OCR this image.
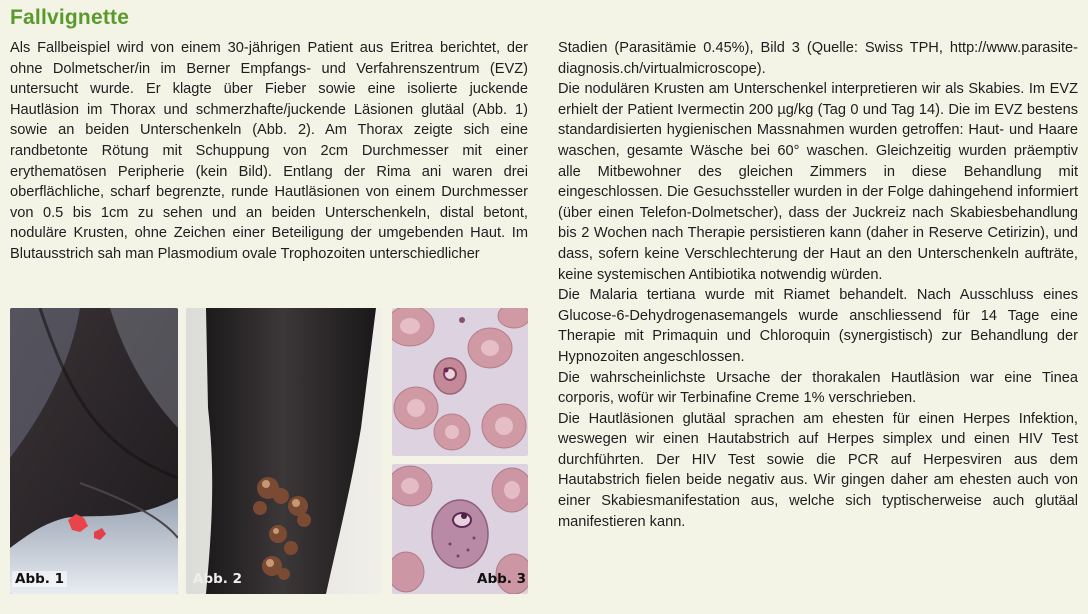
Fallvignette

Als Fallbeispiel wird von einem 30-jährigen Patient aus Eritrea berichtet, der ohne Dolmetscher/in im Berner Empfangs- und Verfahrenszentrum (EVZ) untersucht wurde. Er klagte über Fieber sowie eine isolierte juckende Hautläsion im Thorax und schmerzhafte/juckende Läsionen glutäal (Abb. 1) sowie an beiden Unterschenkeln (Abb. 2). Am Thorax zeigte sich eine randbetonte Rötung mit Schuppung von 2cm Durchmesser mit einer erythematösen Peripherie (kein Bild). Entlang der Rima ani waren drei oberflächliche, scharf begrenzte, runde Hautläsionen von einem Durchmesser von 0.5 bis 1cm zu sehen und an beiden Unterschenkeln, distal betont, noduläre Krusten, ohne Zeichen einer Beteiligung der umgebenden Haut. Im Blutausstrich sah man Plasmodium ovale Trophozoiten unterschiedlicher

Stadien (Parasitämie 0.45%), Bild 3 (Quelle: Swiss TPH, http://www.parasite-diagnosis.ch/virtualmicroscope).

Die nodulären Krusten am Unterschenkel interpretieren wir als Skabies. Im EVZ erhielt der Patient Ivermectin 200 µg/kg (Tag 0 und Tag 14). Die im EVZ bestens standardisierten hygienischen Massnahmen wurden getroffen: Haut- und Haare waschen, gesamte Wäsche bei 60° waschen. Gleichzeitig wurden präemptiv alle Mitbewohner des gleichen Zimmers in diese Behandlung mit eingeschlossen. Die Gesuchssteller wurden in der Folge dahingehend informiert (über einen Telefon-Dolmetscher), dass der Juckreiz nach Skabiesbehandlung bis 2 Wochen nach Therapie persistieren kann (daher in Reserve Cetirizin), und dass, sofern keine Verschlechterung der Haut an den Unterschenkeln aufträte, keine systemischen Antibiotika notwendig würden.

Die Malaria tertiana wurde mit Riamet behandelt. Nach Ausschluss eines Glucose-6-Dehydrogenasemangels wurde anschliessend für 14 Tage eine Therapie mit Primaquin und Chloroquin (synergistisch) zur Behandlung der Hypnozoiten angeschlossen.

Die wahrscheinlichste Ursache der thorakalen Hautläsion war eine Tinea corporis, wofür wir Terbinafine Creme 1% verschrieben.

Die Hautläsionen glutäal sprachen am ehesten für einen Herpes Infektion, weswegen wir einen Hautabstrich auf Herpes simplex und einen HIV Test durchführten. Der HIV Test sowie die PCR auf Herpesviren aus dem Hautabstrich fielen beide negativ aus. Wir gingen daher am ehesten auch von einer Skabiesmanifestation aus, welche sich typtischerweise auch glutäal manifestieren kann.

Abb. 1	Abb. 2	Abb. 3
